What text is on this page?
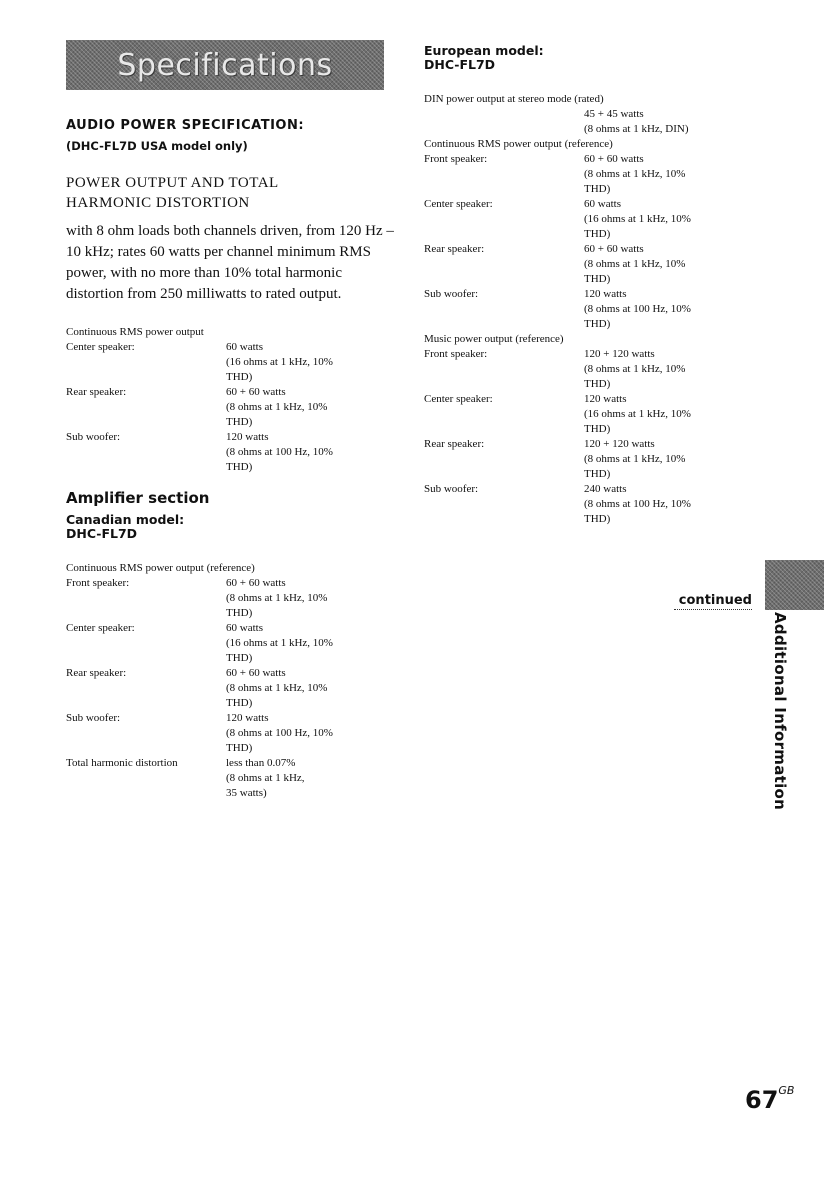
Specifications

AUDIO POWER SPECIFICATION:

(DHC-FL7D USA model only)

POWER OUTPUT AND TOTAL
HARMONIC DISTORTION

with 8 ohm loads both channels driven, from 120 Hz – 10 kHz; rates 60 watts per channel minimum RMS power, with no more than 10% total harmonic distortion from 250 milliwatts to rated output.

Continuous RMS power output

Center speaker:	60 watts
(16 ohms at 1 kHz, 10%
THD)
Rear speaker:	60 + 60 watts
(8 ohms at 1 kHz, 10%
THD)
Sub woofer:	120 watts
(8 ohms at 100 Hz, 10%
THD)

Amplifier section

Canadian model:

DHC-FL7D

Continuous RMS power output (reference)

Front speaker:	60 + 60 watts
(8 ohms at 1 kHz, 10%
THD)
Center speaker:	60 watts
(16 ohms at 1 kHz, 10%
THD)
Rear speaker:	60 + 60 watts
(8 ohms at 1 kHz, 10%
THD)
Sub woofer:	120 watts
(8 ohms at 100 Hz, 10%
THD)
Total harmonic distortion	less than 0.07%
(8 ohms at 1 kHz,
35 watts)

European model:

DHC-FL7D

DIN power output at stereo mode (rated)

45 + 45 watts
(8 ohms at 1 kHz, DIN)

Continuous RMS power output (reference)

Front speaker:	60 + 60 watts
(8 ohms at 1 kHz, 10%
THD)
Center speaker:	60 watts
(16 ohms at 1 kHz, 10%
THD)
Rear speaker:	60 + 60 watts
(8 ohms at 1 kHz, 10%
THD)
Sub woofer:	120 watts
(8 ohms at 100 Hz, 10%
THD)

Music power output (reference)

Front speaker:	120 + 120 watts
(8 ohms at 1 kHz, 10%
THD)
Center speaker:	120 watts
(16 ohms at 1 kHz, 10%
THD)
Rear speaker:	120 + 120 watts
(8 ohms at 1 kHz, 10%
THD)
Sub woofer:	240 watts
(8 ohms at 100 Hz, 10%
THD)
continued
Additional Information
$67^{GB}$
